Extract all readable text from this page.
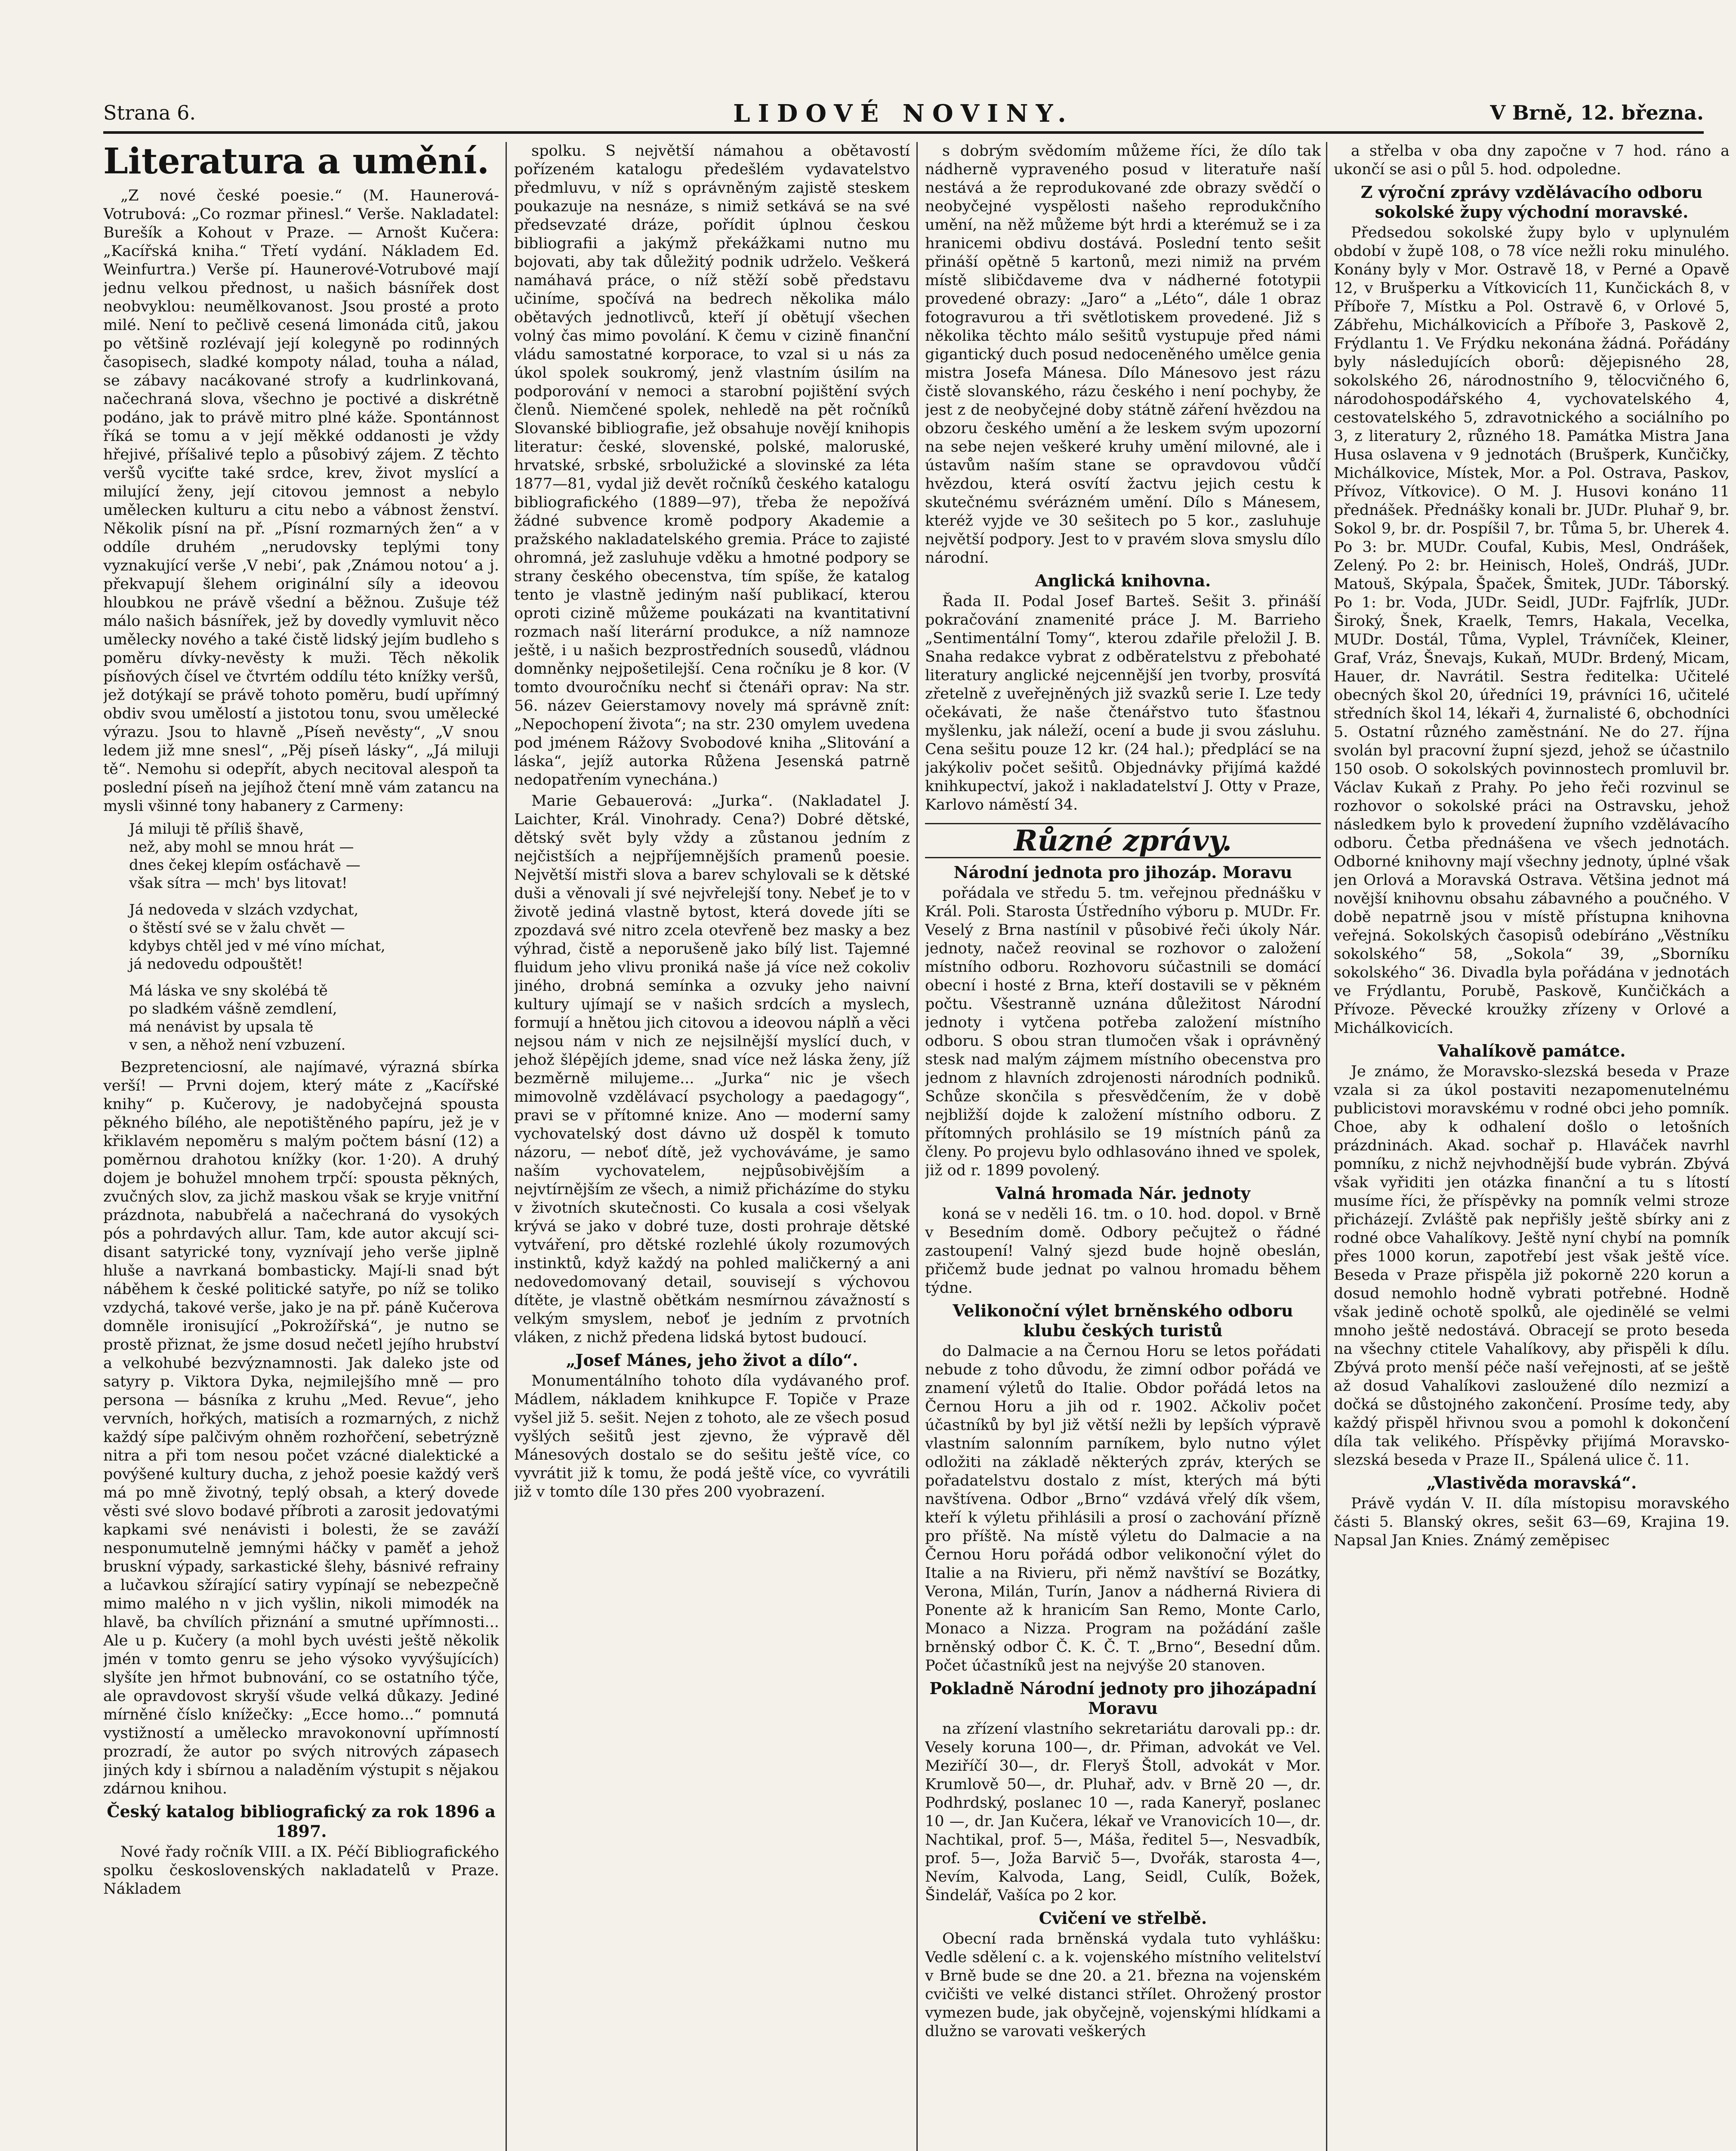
Strana 6.	LIDOVÉ NOVINY.	V Brně, 12. března.
Literatura a umění.

„Z nové české poesie.“ (M. Haunerová-Votrubová: „Co rozmar přinesl.“ Verše. Nakladatel: Burešík a Kohout v Praze. — Arnošt Kučera: „Kacířská kniha.“ Třetí vydání. Nákladem Ed. Weinfurtra.) Verše pí. Haunerové-Votrubové mají jednu velkou přednost, u našich básnířek dost neobvyklou: neumělkovanost. Jsou prosté a proto milé. Není to pečlivě cesená limonáda citů, jakou po většině rozlévají její kolegyně po rodinných časopisech, sladké kompoty nálad, touha a nálad, se zábavy nacákované strofy a kudrlinkovaná, načechraná slova, všechno je poctivé a diskrétně podáno, jak to právě mitro plné káže. Spontánnost říká se tomu a v její měkké oddanosti je vždy hřejivé, příšalivé teplo a působivý zájem. Z těchto veršů vyciťte také srdce, krev, život myslící a milující ženy, její citovou jemnost a nebylo umělecken kulturu a citu nebo a vábnost ženství. Několik písní na př. „Písní rozmarných žen“ a v oddíle druhém „nerudovsky teplými tony vyznakující verše ‚V nebi‘, pak ‚Známou notou‘ a j. překvapují šlehem originální síly a ideovou hloubkou ne právě všední a běžnou. Zušuje též málo našich básnířek, jež by dovedly vymluvit něco umělecky nového a také čistě lidský jejím budleho s poměru dívky-nevěsty k muži. Těch několik písňových čísel ve čtvrtém oddílu této knížky veršů, jež dotýkají se právě tohoto poměru, budí upřímný obdiv svou umělostí a jistotou tonu, svou umělecké výrazu. Jsou to hlavně „Píseň nevěsty“, „V snou ledem již mne snesl“, „Pěj píseň lásky“, „Já miluji tě“. Nemohu si odepřít, abych necitoval alespoň ta poslední píseň na jejíhož čtení mně vám zatancu na mysli všinné tony habanery z Carmeny:

Já miluji tě příliš šhavě,
než, aby mohl se mnou hrát —
dnes čekej klepím osťáchavě —
však sítra — mch' bys litovat!
Já nedoveda v slzách vzdychat,
o štěstí své se v žalu chvět —
kdybys chtěl jed v mé víno míchat,
já nedovedu odpouštět!
Má láska ve sny skolébá tě
po sladkém vášně zemdlení,
má nenávist by upsala tě
v sen, a něhož není vzbuzení.

Bezpretenciosní, ale najímavé, výrazná sbírka verší! — Prvni dojem, který máte z „Kacířské knihy“ p. Kučerovy, je nadobyčejná spousta pěkného bílého, ale nepotištěného papíru, jež je v křiklavém nepoměru s malým počtem básní (12) a poměrnou drahotou knížky (kor. 1·20). A druhý dojem je bohužel mnohem trpčí: spousta pěkných, zvučných slov, za jichž maskou však se kryje vnitřní prázdnota, nabubřelá a načechraná do vysokých pós a pohrdavých allur. Tam, kde autor akcují sci-disant satyrické tony, vyznívají jeho verše jiplně hluše a navrkaná bombasticky. Mají-li snad být náběhem k české politické satyře, po níž se toliko vzdychá, takové verše, jako je na př. páně Kučerova domněle ironisující „Pokrožířská“, je nutno se prostě přiznat, že jsme dosud nečetl jejího hrubství a velkohubé bezvýznamnosti. Jak daleko jste od satyry p. Viktora Dyka, nejmilejšího mně — pro persona — básníka z kruhu „Med. Revue“, jeho vervních, hořkých, matisích a rozmarných, z nichž každý sípe palčivým ohněm rozhořčení, sebetrýzně nitra a při tom nesou počet vzácné dialektické a povýšené kultury ducha, z jehož poesie každý verš má po mně životný, teplý obsah, a který dovede věsti své slovo bodavé příbroti a zarosit jedovatými kapkami své nenávisti i bolesti, že se zaváží nesponumutelně jemnými háčky v paměť a jehož bruskní výpady, sarkastické šlehy, básnivé refrainy a lučavkou sžírající satiry vypínají se nebezpečně mimo malého n v jich vyšlin, nikoli mimodék na hlavě, ba chvílích přiznání a smutné upřímnosti... Ale u p. Kučery (a mohl bych uvésti ještě několik jmén v tomto genru se jeho výsoko vyvýšujících) slyšíte jen hřmot bubnování, co se ostatního týče, ale opravdovost skryší všude velká důkazy. Jediné mírněné číslo knížečky: „Ecce homo...“ pomnutá vystižností a umělecko mravokonovní upřímností prozradí, že autor po svých nitrových zápasech jiných kdy i sbírnou a naladěním výstupit s nějakou zdárnou knihou.

Český katalog bibliografický za rok 1896 a 1897.

Nové řady ročník VIII. a IX. Péčí Bibliografického spolku československých nakladatelů v Praze. Nákladem

spolku. S největší námahou a obětavostí pořízeném katalogu předešlém vydavatelstvo předmluvu, v níž s oprávněným zajistě steskem poukazuje na nesnáze, s nimiž setkává se na své předsevzaté dráze, pořídit úplnou českou bibliografii a jakýmž překážkami nutno mu bojovati, aby tak důležitý podnik udrželo. Veškerá namáhavá práce, o níž stěží sobě představu učiníme, spočívá na bedrech několika málo obětavých jednotlivců, kteří jí obětují všechen volný čas mimo povolání. K čemu v cizině finanční vládu samostatné korporace, to vzal si u nás za úkol spolek soukromý, jenž vlastním úsilím na podporování v nemoci a starobní pojištění svých členů. Niemčené spolek, nehledě na pět ročníků Slovanské bibliografie, jež obsahuje novějí knihopis literatur: české, slovenské, polské, maloruské, hrvatské, srbské, srbolužické a slovinské za léta 1877—81, vydal již devět ročníků českého katalogu bibliografického (1889—97), třeba že nepožívá žádné subvence kromě podpory Akademie a pražského nakladatelského gremia. Práce to zajisté ohromná, jež zasluhuje vděku a hmotné podpory se strany českého obecenstva, tím spíše, že katalog tento je vlastně jediným naší publikací, kterou oproti cizině můžeme poukázati na kvantitativní rozmach naší literární produkce, a níž namnoze ještě, i u našich bezprostředních sousedů, vládnou domněnky nejpošetilejší. Cena ročníku je 8 kor. (V tomto dvouročníku nechť si čtenáři oprav: Na str. 56. název Geierstamovy novely má správně znít: „Nepochopení života“; na str. 230 omylem uvedena pod jménem Rážovy Svobodové kniha „Slitování a láska“, jejíž autorka Růžena Jesenská patrně nedopatřením vynechána.)

Marie Gebauerová: „Jurka“. (Nakladatel J. Laichter, Král. Vinohrady. Cena?) Dobré dětské, dětský svět byly vždy a zůstanou jedním z nejčistších a nejpříjemnějších pramenů poesie. Největší mistři slova a barev schylovali se k dětské duši a věnovali jí své nejvřelejší tony. Nebeť je to v životě jediná vlastně bytost, která dovede jíti se zpozdavá své nitro zcela otevřeně bez masky a bez výhrad, čistě a neporušeně jako bílý list. Tajemné fluidum jeho vlivu proniká naše já více než cokoliv jiného, drobná semínka a ozvuky jeho naivní kultury ujímají se v našich srdcích a myslech, formují a hnětou jich citovou a ideovou náplň a věci nejsou nám v nich ze nejsilnější myslící duch, v jehož šlépějích jdeme, snad více než láska ženy, jíž bezměrně milujeme... „Jurka“ nic je všech mimovolně vzdělávací psychology a paedagogy“, pravi se v přítomné knize. Ano — moderní samy vychovatelský dost dávno už dospěl k tomuto názoru, — neboť dítě, jež vychováváme, je samo naším vychovatelem, nejpůsobivějším a nejvtírnějším ze všech, a nimiž přicházíme do styku v životních skutečnosti. Co kusala a cosi všelyak krývá se jako v dobré tuze, dosti prohraje dětské vytváření, pro dětské rozlehlé úkoly rozumových instinktů, když každý na pohled maličkerný a ani nedovedomovaný detail, souvisejí s výchovou dítěte, je vlastně obětkám nesmírnou závažností s velkým smyslem, neboť je jedním z prvotních vláken, z nichž předena lidská bytost budoucí.

„Josef Mánes, jeho život a dílo“.

Monumentálního tohoto díla vydávaného prof. Mádlem, nákladem knihkupce F. Topiče v Praze vyšel již 5. sešit. Nejen z tohoto, ale ze všech posud vyšlých sešitů jest zjevno, že výpravě děl Mánesových dostalo se do sešitu ještě více, co vyvrátit již k tomu, že podá ještě více, co vyvrátili již v tomto díle 130 přes 200 vyobrazení.

s dobrým svědomím můžeme říci, že dílo tak nádherně vypraveného posud v literatuře naší nestává a že reprodukované zde obrazy svědčí o neobyčejné vyspělosti našeho reprodukčního umění, na něž můžeme být hrdi a kterémuž se i za hranicemi obdivu dostává. Poslední tento sešit přináší opětně 5 kartonů, mezi nimiž na prvém místě slibičdaveme dva v nádherné fototypii provedené obrazy: „Jaro“ a „Léto“, dále 1 obraz fotogravurou a tři světlotiskem provedené. Již s několika těchto málo sešitů vystupuje před námi gigantický duch posud nedoceněného umělce genia mistra Josefa Mánesa. Dílo Mánesovo jest rázu čistě slovanského, rázu českého i není pochyby, že jest z de neobyčejné doby státně záření hvězdou na obzoru českého umění a že leskem svým upozorní na sebe nejen veškeré kruhy umění milovné, ale i ústavům naším stane se opravdovou vůdčí hvězdou, která osvítí žactvu jejich cestu k skutečnému svérázném umění. Dílo s Mánesem, kteréž vyjde ve 30 sešitech po 5 kor., zasluhuje největší podpory. Jest to v pravém slova smyslu dílo národní.

Anglická knihovna.

Řada II. Podal Josef Barteš. Sešit 3. přináší pokračování znamenité práce J. M. Barrieho „Sentimentální Tomy“, kterou zdařile přeložil J. B. Snaha redakce vybrat z odběratelstvu z přebohaté literatury anglické nejcennější jen tvorby, prosvítá zřetelně z uveřejněných již svazků serie I. Lze tedy očekávati, že naše čtenářstvo tuto šťastnou myšlenku, jak náleží, ocení a bude ji svou zásluhu. Cena sešitu pouze 12 kr. (24 hal.); předplácí se na jakýkoliv počet sešitů. Objednávky přijímá každé knihkupectví, jakož i nakladatelství J. Otty v Praze, Karlovo náměstí 34.

Různé zprávy.
Národní jednota pro jihozáp. Moravu

pořádala ve středu 5. tm. veřejnou přednášku v Král. Poli. Starosta Ústředního výboru p. MUDr. Fr. Veselý z Brna nastínil v působivé řeči úkoly Nár. jednoty, načež reovinal se rozhovor o založení místního odboru. Rozhovoru súčastnili se domácí obecní i hosté z Brna, kteří dostavili se v pěkném počtu. Všestranně uznána důležitost Národní jednoty i vytčena potřeba založení místního odboru. S obou stran tlumočen však i oprávněný stesk nad malým zájmem místního obecenstva pro jednom z hlavních zdrojenosti národních podniků. Schůze skončila s přesvědčením, že v době nejbližší dojde k založení místního odboru. Z přítomných prohlásilo se 19 místních pánů za členy. Po projevu bylo odhlasováno ihned ve spolek, již od r. 1899 povolený.

Valná hromada Nár. jednoty

koná se v neděli 16. tm. o 10. hod. dopol. v Brně v Besedním domě. Odbory pečujtež o řádné zastoupení! Valný sjezd bude hojně obeslán, přičemž bude jednat po valnou hromadu během týdne.

Velikonoční výlet brněnského odboru klubu českých turistů

do Dalmacie a na Černou Horu se letos pořádati nebude z toho důvodu, že zimní odbor pořádá ve znamení výletů do Italie. Obdor pořádá letos na Černou Horu a jih od r. 1902. Ačkoliv počet účastníků by byl již větší nežli by lepších výpravě vlastním salonním parníkem, bylo nutno výlet odložiti na základě některých zpráv, kterých se pořadatelstvu dostalo z míst, kterých má býti navštívena. Odbor „Brno“ vzdává vřelý dík všem, kteří k výletu přihlásili a prosí o zachování přízně pro příště. Na místě výletu do Dalmacie a na Černou Horu pořádá odbor velikonoční výlet do Italie a na Rivieru, při němž navštíví se Bozátky, Verona, Milán, Turín, Janov a nádherná Riviera di Ponente až k hranicím San Remo, Monte Carlo, Monaco a Nizza. Program na požádání zašle brněnský odbor Č. K. Č. T. „Brno“, Besední dům. Počet účastníků jest na nejvýše 20 stanoven.

Pokladně Národní jednoty pro jihozápadní Moravu

na zřízení vlastního sekretariátu darovali pp.: dr. Vesely koruna 100—, dr. Přiman, advokát ve Vel. Meziříčí 30—, dr. Fleryš Štoll, advokát v Mor. Krumlově 50—, dr. Pluhař, adv. v Brně 20 —, dr. Podhrdský, poslanec 10 —, rada Kaneryř, poslanec 10 —, dr. Jan Kučera, lékař ve Vranovicích 10—, dr. Nachtikal, prof. 5—, Máša, ředitel 5—, Nesvadbík, prof. 5—, Joža Barvič 5—, Dvořák, starosta 4—, Nevím, Kalvoda, Lang, Seidl, Culík, Božek, Šindelář, Vašíca po 2 kor.

Cvičení ve střelbě.

Obecní rada brněnská vydala tuto vyhlášku: Vedle sdělení c. a k. vojenského místního velitelství v Brně bude se dne 20. a 21. března na vojenském cvičišti ve velké distanci střílet. Ohrožený prostor vymezen bude, jak obyčejně, vojenskými hlídkami a dlužno se varovati veškerých

a střelba v oba dny započne v 7 hod. ráno a ukončí se asi o půl 5. hod. odpoledne.

Z výroční zprávy vzdělávacího odboru sokolské župy východní moravské.

Předsedou sokolské župy bylo v uplynulém období v župě 108, o 78 více nežli roku minulého. Konány byly v Mor. Ostravě 18, v Perné a Opavě 12, v Brušperku a Vítkovicích 11, Kunčickách 8, v Příboře 7, Místku a Pol. Ostravě 6, v Orlové 5, Zábřehu, Michálkovicích a Příboře 3, Paskově 2, Frýdlantu 1. Ve Frýdku nekonána žádná. Pořádány byly následujících oborů: dějepisného 28, sokolského 26, národnostního 9, tělocvičného 6, národohospodářského 4, vychovatelského 4, cestovatelského 5, zdravotnického a sociálního po 3, z literatury 2, různého 18. Památka Mistra Jana Husa oslavena v 9 jednotách (Brušperk, Kunčičky, Michálkovice, Místek, Mor. a Pol. Ostrava, Paskov, Přívoz, Vítkovice). O M. J. Husovi konáno 11 přednášek. Přednášky konali br. JUDr. Pluhař 9, br. Sokol 9, br. dr. Pospíšil 7, br. Tůma 5, br. Uherek 4. Po 3: br. MUDr. Coufal, Kubis, Mesl, Ondrášek, Zelený. Po 2: br. Heinisch, Holeš, Ondráš, JUDr. Matouš, Skýpala, Špaček, Šmitek, JUDr. Táborský. Po 1: br. Voda, JUDr. Seidl, JUDr. Fajfrlík, JUDr. Široký, Šnek, Kraelk, Temrs, Hakala, Vecelka, MUDr. Dostál, Tůma, Vyplel, Trávníček, Kleiner, Graf, Vráz, Šnevajs, Kukaň, MUDr. Brdený, Micam, Hauer, dr. Navrátil. Sestra ředitelka: Učitelé obecných škol 20, úředníci 19, právníci 16, učitelé středních škol 14, lékaři 4, žurnalisté 6, obchodníci 5. Ostatní různého zaměstnání. Ne do 27. října svolán byl pracovní župní sjezd, jehož se účastnilo 150 osob. O sokolských povinnostech promluvil br. Václav Kukaň z Prahy. Po jeho řeči rozvinul se rozhovor o sokolské práci na Ostravsku, jehož následkem bylo k provedení župního vzdělávacího odboru. Četba přednášena ve všech jednotách. Odborné knihovny mají všechny jednoty, úplné však jen Orlová a Moravská Ostrava. Většina jednot má novější knihovnu obsahu zábavného a poučného. V době nepatrně jsou v místě přístupna knihovna veřejná. Sokolských časopisů odebíráno „Věstníku sokolského“ 58, „Sokola“ 39, „Sborníku sokolského“ 36. Divadla byla pořádána v jednotách ve Frýdlantu, Porubě, Paskově, Kunčičkách a Přívoze. Pěvecké kroužky zřízeny v Orlové a Michálkovicích.

Vahalíkově památce.

Je známo, že Moravsko-slezská beseda v Praze vzala si za úkol postaviti nezapomenutelnému publicistovi moravskému v rodné obci jeho pomník. Choe, aby k odhalení došlo o letošních prázdninách. Akad. sochař p. Hlaváček navrhl pomníku, z nichž nejvhodnější bude vybrán. Zbývá však vyřiditi jen otázka finanční a tu s lítostí musíme říci, že příspěvky na pomník velmi stroze přicházejí. Zvláště pak nepřišly ještě sbírky ani z rodné obce Vahalíkovy. Ještě nyní chybí na pomník přes 1000 korun, zapotřebí jest však ještě více. Beseda v Praze přispěla již pokorně 220 korun a dosud nemohlo hodně vybrati potřebné. Hodně však jedině ochotě spolků, ale ojedinělé se velmi mnoho ještě nedostává. Obracejí se proto beseda na všechny ctitele Vahalíkovy, aby přispěli k dílu. Zbývá proto menší péče naší veřejnosti, ať se ještě až dosud Vahalíkovi zasloužené dílo nezmizí a dočká se důstojného zakončení. Prosíme tedy, aby každý přispěl hřivnou svou a pomohl k dokončení díla tak velikého. Příspěvky přijímá Moravsko-slezská beseda v Praze II., Spálená ulice č. 11.

„Vlastivěda moravská“.

Právě vydán V. II. díla místopisu moravského části 5. Blanský okres, sešit 63—69, Krajina 19. Napsal Jan Knies. Známý zeměpisec
